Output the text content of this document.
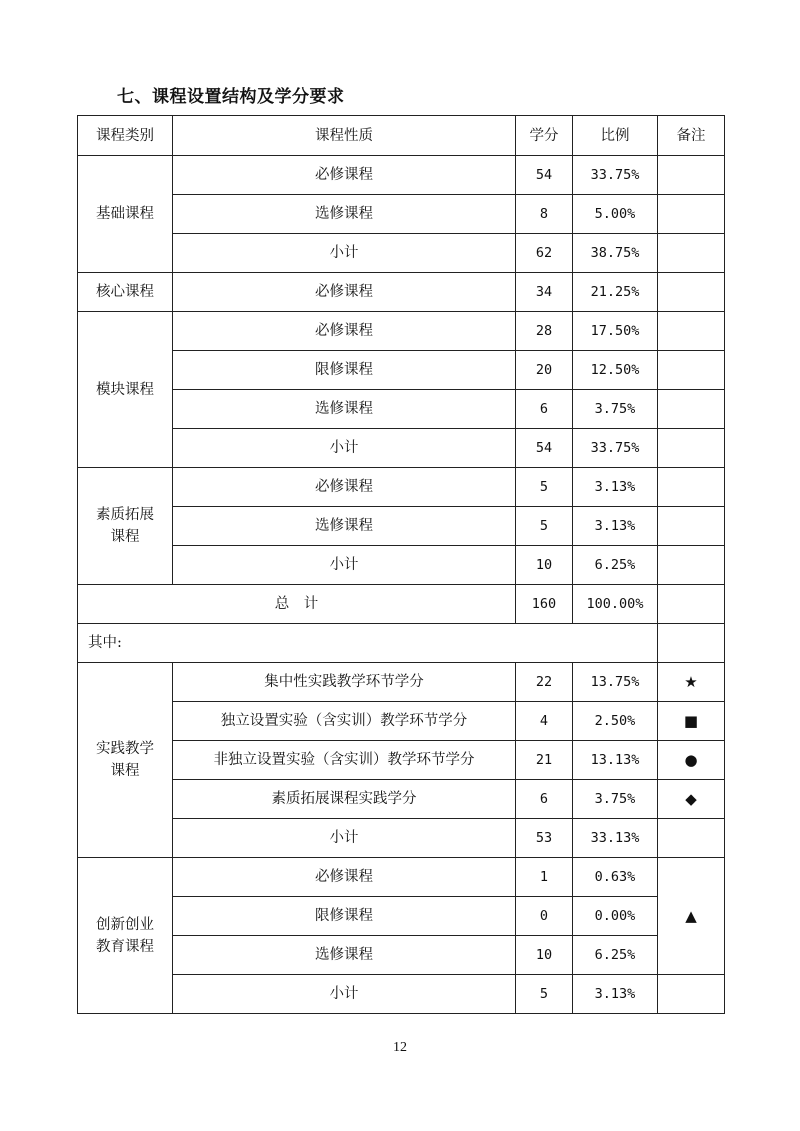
七、课程设置结构及学分要求
课程类别	课程性质	学分	比例	备注
基础课程	必修课程	54	33.75%	
	选修课程	8	5.00%	
	小计	62	38.75%	
核心课程	必修课程	34	21.25%	
模块课程	必修课程	28	17.50%	
	限修课程	20	12.50%	
	选修课程	6	3.75%	
	小计	54	33.75%	
素质拓展
课程	必修课程	5	3.13%	
	选修课程	5	3.13%	
	小计	10	6.25%	
总　计		160	100.00%	
其中:				
实践教学
课程	集中性实践教学环节学分	22	13.75%	★
	独立设置实验（含实训）教学环节学分	4	2.50%	■
	非独立设置实验（含实训）教学环节学分	21	13.13%	●
	素质拓展课程实践学分	6	3.75%	◆
	小计	53	33.13%	
创新创业
教育课程	必修课程	1	0.63%	▲
	限修课程	0	0.00%	
	选修课程	10	6.25%	
	小计	5	3.13%	
12
